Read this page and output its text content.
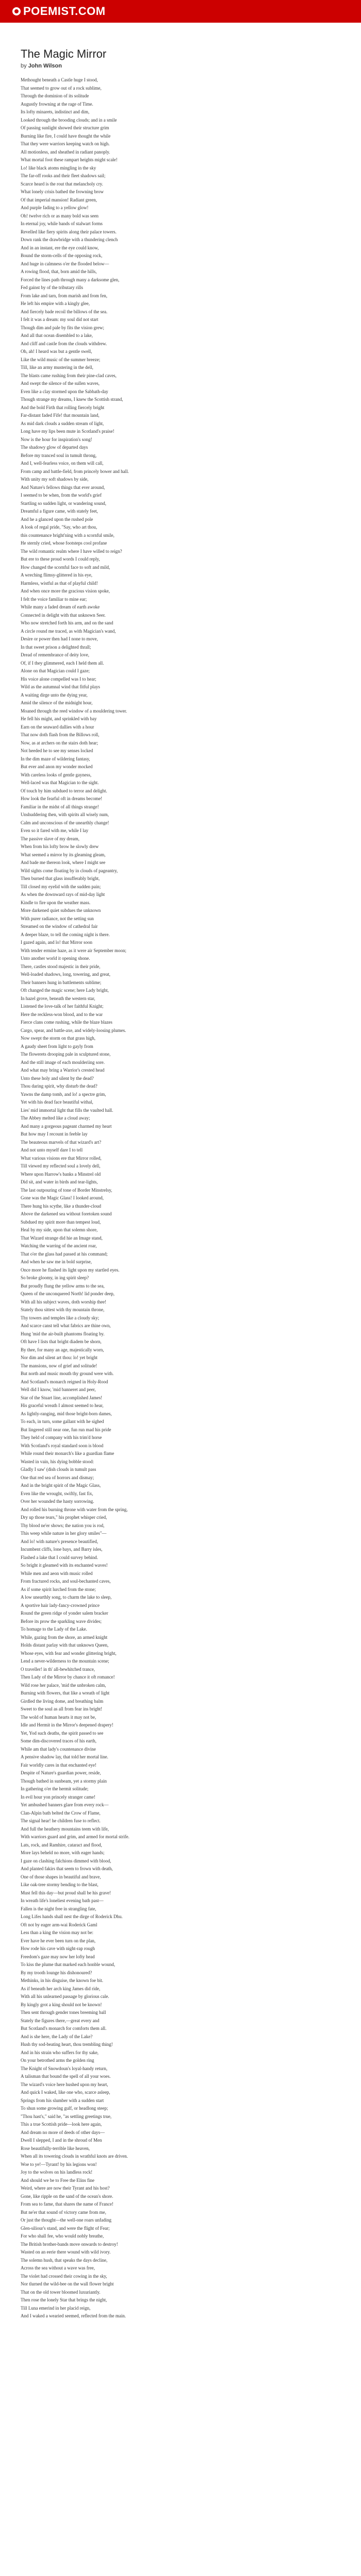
POEM IST.COM
The Magic Mirror
by John Wilson
Methought beneath a Castle huge I stood,
That seemed to grow out of a rock sublime,
Through the dominion of its solitude
Augustly frowning at the rage of Time.
Its lofty minarets, indistinct and dim,
Looked through the brooding clouds; and in a smile
Of passing sunlight showed their structure grim
Burning like fire, I could have thought the while
That they were warriors keeping watch on high.
All motionless, and sheathed in radiant panoply.
What mortal foot these rampart heights might scale!
Lo! like black atoms mingling in the sky
The far-off rooks and their fleet shadows sail;
Scarce heard is the rout that melancholy cry.
What lonely crisis bathed the frowning brow
Of that imperial mansion! Radiant green,
And purple fading to a yellow glow!
Oh! twelve rich or as many bold was seen
In eternal joy, while bands of stalwart forms
Revelled like fiery spirits along their palace towers.
Down rank the drawbridge with a thundering clench
And in an instant, ere the eye could know,
Bound the storm-cells of the opposing rock,
And huge in calmness o'er the flooded below—
A rowing flood, that, born amid the hills,
Forced the lines path through many a darksome glen,
Fed gainst by of the tributary rills
From lake and tarn, from marish and from fen,
He left his empire with a kingly glee,
And fiercely bade recoil the billows of the sea.
I felt it was a dream: my soul did not start
Though dim and pale by fits the vision grew;
And all that ocean disembled to a lake,
And cliff and castle from the clouds withdrew.
Oh, ah! I heard was but a gentle swell,
Like the wild music of the summer breeze;
Till, like an army mustering in the dell,
The blasts came rushing from their pine-clad caves,
And swept the silence of the sullen waves,
Even like a clay stormed upon the Sabbath-day
Though strange my dreams, I knew the Scottish strand,
And the bold Firth that rolling fiercely bright
Far-distant faded Fife! that mountain land,
As mid dark clouds a sudden stream of light,
Long have my lips been mute in Scotland's praise!
Now is the hour for inspiration's song!
The shadowy glow of departed days
Before my tranced soul in tumult throng,
And I, well-fearless voice, on them will call,
From camp and battle-field, from princely bower and hall.
With unity my soft shadows by side,
And Nature's fellows things that ever around,
I seemed to be when, from the world's grief
Startling so sudden light, or wandering sound,
Dreamful a figure came, with stately feet,
And he a glanced upon the rushed pole
A look of regal pride, "Say, who art thou,
this countenance bright'ning with a scornful smile,
He sternly cried, whose footsteps cool profane
The wild romantic realm where I have willed to reign?
But ere to these proud words I could reply,
How changed the scornful face to soft and mild,
A wreching flimsy-glittered in his eye,
Harmless, wistful as that of playful child!
And when once more the gracious vision spoke,
I felt the voice familiar to mine ear;
While many a faded dream of earth awoke
Connected in delight with that unknown Seer.
Who now stretched forth his arm, and on the sand
A circle round me traced, as with Magician's wand,
Desire or power then had I none to move,
In that sweet prison a delighted thrall;
Dread of remembrance of deity love,
Of, if I they glimmered, each I held them all.
Alone on that Magician could I gaze;
His voice alone compelled was I to hear;
Wild as the autumnal wind that fitful plays
A waiting dirge unto the dying year,
Amid the silence of the midnight hour,
Moaned through the reed window of a mouldering tower.
He fell his might, and sprinkled with bay
Earn on the seaward dallies with a hour
That now doth flash from the Billows roll,
Now, as at archers on the stairs doth hear;
Not heeded he to see my senses locked
In the dim maze of wildering fantasy,
But ever and anon my wonder mocked
With careless looks of gentle gayness,
Well-laced was that Magician to the sight.
Of touch by him subdued to terror and delight.
How look the fearful oft in dreams become!
Familiar in the midst of all things strange!
Unshuddering then, with spirits all wisely num,
Calm and unconscious of the unearthly change!
Even so it fared with me, while I lay
The passive slave of my dream,
When from his lofty brow he slowly drew
What seemed a mirror by its gleaming gleam,
And bade me thereon look, where I might see
Wild sights come floating by in clouds of pageantry,
Then burned that glass insufferably bright,
Till closed my eyelid with the sudden pain;
As when the downward rays of mid-day light
Kindle to fire upon the weather mass.
More darkened quiet subdues the unknown
With purer radiance, not the setting sun
Streamed on the window of cathedral fair
A deeper blaze, to tell the coming night is there.
I gazed again, and lo! that Mirror soon
With tender ermine haze, as it were air September moon;
Unto another world it opening shone.
There, castles stood majestic in their pride,
Well-loaded shadows, long, towering, and great,
Their banners hung in battlements sublime;
Oft changed the magic scene; here Lady bright,
In hazel grove, beneath the western star,
Listened the love-talk of her faithful Knight;
Here the reckless-won blood, and to the war
Fierce clans come rushing, while the blaze blazes
Cargo, spear, and battle-axe, and widely-loosing plumes.
Now swept the storm on that grass high,
A gaudy sheet from light to gayly from
The flowerets drooping pale in sculptured stone,
And the still image of each moulderiing sore.
And what may bring a Warrior's crested head
Unto these holy and silent by the dead?
Thou daring spirit, why disturb the dead?
Yawns the damp tomb, and lo! a spectre grim,
Yet with his dead face beautiful withal,
Lies' mid immortal light that fills the vaulted hall.
The Abbey melted like a cloud away;
And many a gorgeous pageant charmed my heart
But how may I recount in feeble lay
The beauteous marvels of that wizard's art?
And not unto myself dare I to tell
What various visions ere that Mirror rolled,
Till viewed my reflected soul a lovely dell,
Where upon Harrow's banks a Minstrel old
Did sit, and water in birds and tear-lights,
The last outpouring of tone of Border Minstrelsy,
Gone was the Magic Glass! I looked around,
There hung his scythe, like a thunder-cloud
Above the darkened sea without foretoken sound
Subdued my spirit more than tempest loud,
Heal by my side, upon that solemn shore,
That Wizard strange did hie an Image stand,
Watching the warring of the ancient roar,
That o'er the glass had passed at his command;
And when he saw me in bold surprise,
Once more he flashed its light upon my startled eyes.
So broke gloomy, in ing spirit sleep?
But proudly flung the yellow arms to the sea,
Queen of the unconquered North! lid ponder deep,
With all his subject waves, doth worship thee!
Stately thou sittest with thy mountain throne,
Thy towers and temples like a cloudy sky;
And scarce canst tell what fabrics are thine own,
Hung 'mid the air-built phantoms floating by.
Oft have I lists that bright diadem be shorn,
By thee, for many an age, majestically worn,
Nor dim and silent art thou: lo! yet bright
The mansions, now of grief and solitude!
But north and music mouth thy ground were with.
And Scotland's monarch reigned in Holy-Rood
Well did I know, 'mid banneret and peer,
Star of the Stuart line, accomplished James!
His graceful wreath I almost seemed to hear,
As lightly-ranging, mid those bright-born dames,
To each, in turn, some gallant with he sighed
But lingered still near one, fun run mad his pride
They held of company with his trim'd horse
With Scotland's royal standard soon is blood
While round their monarch's like a guardian flame
Wasted in vain, his dying bobble stood:
Gladly I saw' (dish clouds in tumult pass
One that red sea of horrors and dismay;
And in the bright spirit of the Magic Glass,
Even like the wrought, swiftly, fast fix,
Over her wounded the hasty sorrowing.
And rolled his burning throne with water from the spring,
Dry up those tears," his prophet whisper cried,
Thy blood ne'er shows; the nation you is rod,
This weep while nature in her glory smiles"—
And lo! with nature's presence beautified,
Incumbent cliffs, lone bays, and Barry isles,
Flashed a lake that I could survey behind.
So bright it gleamed with its enchanted waves!
While men and aeon with music rolled
From fractured rocks, and soul-bechanted caves,
As if some spirit lurched from the stone;
A low unearthly song, to charm the lake to sleep,
A sportive hair lady-fancy-crowned prince
Round the green ridge of yonder salem bracker
Before its prow the sparkling wave divides;
To homage to the Lady of the Lake.
While, gazing from the shore, an armed knight
Holds distant parlay with that unknown Queen,
Whose eyes, with fear and wonder glittering bright,
Lend a never-wilderness to the mountain scene;
O traveller! in th' all-bewhitched trance,
Then Lady of the Mirror by chance it oft romance!
Wild rose her palace, 'mid the unbroken calm,
Burning with flowers, that like a wreath of light
Girdled the living dome, and breathing balm
Sweet to the soul as all from fear ins bright!
The wold of human hearts it may not be,
Idle and Hermit in the Mirror's deepened drapery!
Yet, Yod such deaths, the spirit passed to see
Some dim-discovered traces of his earth,
While am that lady's countenance divine
A pensive shadow lay, that told her mortal line.
Fair worldly cares in that enchanted eye!
Despite of Nature's guardian power, reside,
Though bathed in sunbeam, yet a stormy plain
In gathering o'er the hermit solitude;
In evil hour yon princely stranger came!
Yet ambushed banners glare from every rock—
Clan-Alpin bath belted the Crow of Flame,
The signal hear! he children fuse to reflect.
And full the heathery mountains teem with life,
With warriors guard and grim, and armed for mortal strife.
Lats, rock, and Ramhire, cataract and flood,
More lays beheld no more, with eager hands;
I gaze on clashing falchions dimmed with blood,
And planted fakirs that seem to frown with death,
One of those shapes in beautiful and brave,
Like oak-tree stormy bending to the blast,
Must fell this day—but proud shall be his grave!
In wreath life's loneliest evening bath past—
Fallen is the night free in strangling fate,
Long Lifes hands shall nest the dirge of Roderick Dhu.
Oft not by eager arm-wai Roderick Gaml
Less than a king the vision may not be:
Ever have he ever been turn on the plan,
How rode his cave with night-rap rough
Freedom's gaze may now her lofty head
To kiss the plume that marked each honble wound,
By my trooth lounge his dishonoured?
Methinks, in his disguise, the known foe bit.
As if beneath her arch king James did ride,
With all his unlearned passage by glorious cale.
By kingly grot a king should not be known!
Then sent through gender tones breeming ball
Stately the figures there,—great every and
But Scotland's monarch for comforts them all.
And is she here, the Lady of the Lake?
Hush thy sod-beating heart, thou trembling thing!
And in his strain who suffers for thy sake,
On your betrothed arms the golden ring
The Knight of Snowdoun's loyal-handy return,
A talisman that bound the spell of all your woes.
The wizard's voice here hushed upon my heart,
And quick I waked, like one who, scarce asleep,
Springs from his slumber with a sudden start
To shun some growing gulf, or headlong steep;
"Thou hast's," said he, "as settling greetings true,
This a true Scottish pride—look here again,
And dream no more of deeds of other days—
Dwell I slepped, I and in the shroud of Men
Rose beautifully-terrible like heaven,
When all its towering clouds in wrathful knots are driven.
Woe to ye!—Tyrant! by his legions won!
Joy to the wolves on his landless rock!
And should we be to Free the Elins fine
Weird, where are now their Tyrant and his host?
Gone, like ripple on the sand of the ocean's shore.
From sea to fame, that shares the name of France!
But ne'er that sound of victory came from me,
Or just the thought—the well-one roars unfading
Glen-siliour's stand, and were the flight of Fear;
For who shall fee, who would nobly breathe,
The British brother-bands move onwards to destroy!
Wasted on an eerie there wound with wild ivory.
The solemn hush, that speaks the days decline,
Across the sea without a wave was free,
The violet had crossed their cowing in the sky,
Nor tlurned the wild-bee on the wall flower bright
That on the old tower bloomed luxuriantly.
Then rose the lonely Star that brings the night,
Till Luna emerind in her placid reign,
And I waked a wearied seemed, reflected from the main.
